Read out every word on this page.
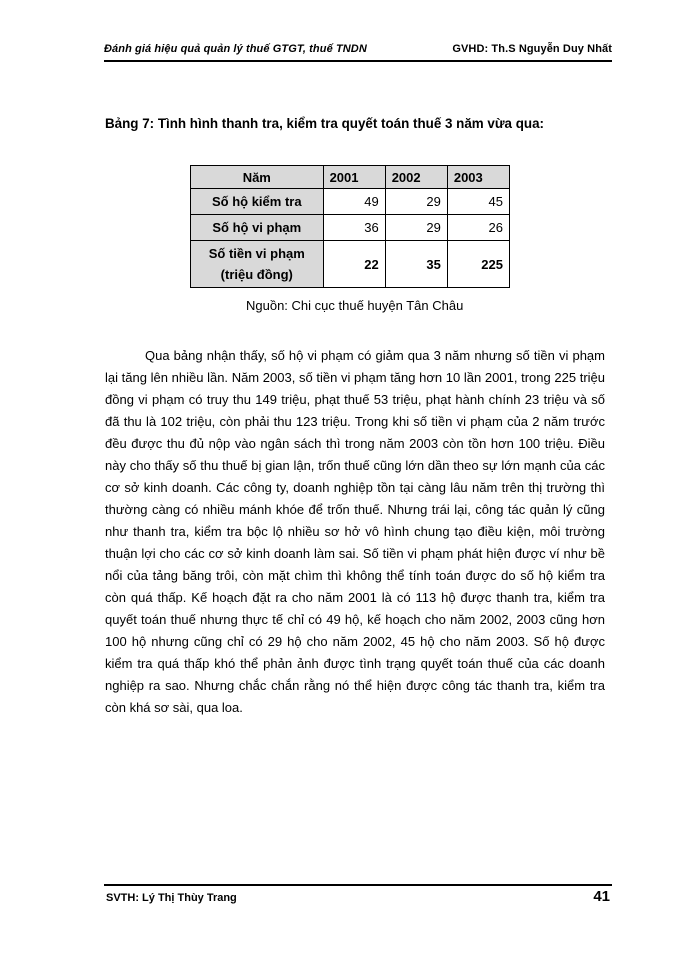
Đánh giá hiệu quả quản lý thuế GTGT, thuế TNDN	GVHD: Th.S Nguyễn Duy Nhất
Bảng 7: Tình hình thanh tra, kiểm tra quyết toán thuế 3 năm vừa qua:
Năm	2001	2002	2003
Số hộ kiểm tra	49	29	45
Số hộ vi phạm	36	29	26

Số tiền vi phạm
(triệu đồng)	22	35	225
Nguồn: Chi cục thuế huyện Tân Châu

Qua bảng nhận thấy, số hộ vi phạm có giảm qua 3 năm nhưng số tiền vi phạm lại tăng lên nhiều lần. Năm 2003, số tiền vi phạm tăng hơn 10 lần 2001, trong 225 triệu đồng vi phạm có truy thu 149 triệu, phạt thuế 53 triệu, phạt hành chính 23 triệu và số đã thu là 102 triệu, còn phải thu 123 triệu. Trong khi số tiền vi phạm của 2 năm trước đều được thu đủ nộp vào ngân sách thì trong năm 2003 còn tồn hơn 100 triệu. Điều này cho thấy số thu thuế bị gian lận, trốn thuế cũng lớn dần theo sự lớn mạnh của các cơ sở kinh doanh. Các công ty, doanh nghiệp tồn tại càng lâu năm trên thị trường thì thường càng có nhiều mánh khóe để trốn thuế. Nhưng trái lại, công tác quản lý cũng như thanh tra, kiểm tra bộc lộ nhiều sơ hở vô hình chung tạo điều kiện, môi trường thuận lợi cho các cơ sở kinh doanh làm sai. Số tiền vi phạm phát hiện được ví như bề nổi của tảng băng trôi, còn mặt chìm thì không thể tính toán được do số hộ kiểm tra còn quá thấp. Kế hoạch đặt ra cho năm 2001 là có 113 hộ được thanh tra, kiểm tra quyết toán thuế nhưng thực tế chỉ có 49 hộ, kế hoạch cho năm 2002, 2003 cũng hơn 100 hộ nhưng cũng chỉ có 29 hộ cho năm 2002, 45 hộ cho năm 2003. Số hộ được kiểm tra quá thấp khó thể phản ảnh được tình trạng quyết toán thuế của các doanh nghiệp ra sao. Nhưng chắc chắn rằng nó thể hiện được công tác thanh tra, kiểm tra còn khá sơ sài, qua loa.

SVTH: Lý Thị Thùy Trang	41
